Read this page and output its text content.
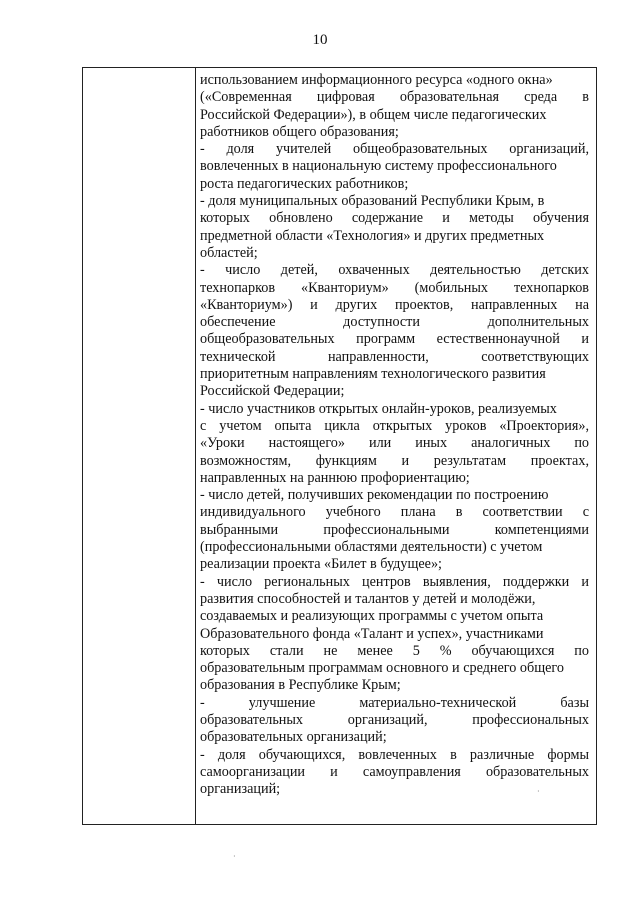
10
использованием информационного ресурса «одного окна»
(«Современная цифровая образовательная среда в
Российской Федерации»), в общем числе педагогических
работников общего образования;
- доля учителей общеобразовательных организаций,
вовлеченных в национальную систему профессионального
роста педагогических работников;
- доля муниципальных образований Республики Крым, в
которых обновлено содержание и методы обучения
предметной области «Технология» и других предметных
областей;
- число детей, охваченных деятельностью детских
технопарков «Кванториум» (мобильных технопарков
«Кванториум») и других проектов, направленных на
обеспечение доступности дополнительных
общеобразовательных программ естественнонаучной и
технической направленности, соответствующих
приоритетным направлениям технологического развития
Российской Федерации;
- число участников открытых онлайн-уроков, реализуемых
с учетом опыта цикла открытых уроков «Проектория»,
«Уроки настоящего» или иных аналогичных по
возможностям, функциям и результатам проектах,
направленных на раннюю профориентацию;
- число детей, получивших рекомендации по построению
индивидуального учебного плана в соответствии с
выбранными профессиональными компетенциями
(профессиональными областями деятельности) с учетом
реализации проекта «Билет в будущее»;
- число региональных центров выявления, поддержки и
развития способностей и талантов у детей и молодёжи,
создаваемых и реализующих программы с учетом опыта
Образовательного фонда «Талант и успех», участниками
которых стали не менее 5 % обучающихся по
образовательным программам основного и среднего общего
образования в Республике Крым;
- улучшение материально-технической базы
образовательных организаций, профессиональных
образовательных организаций;
- доля обучающихся, вовлеченных в различные формы
самоорганизации и самоуправления образовательных
организаций;	·
·
